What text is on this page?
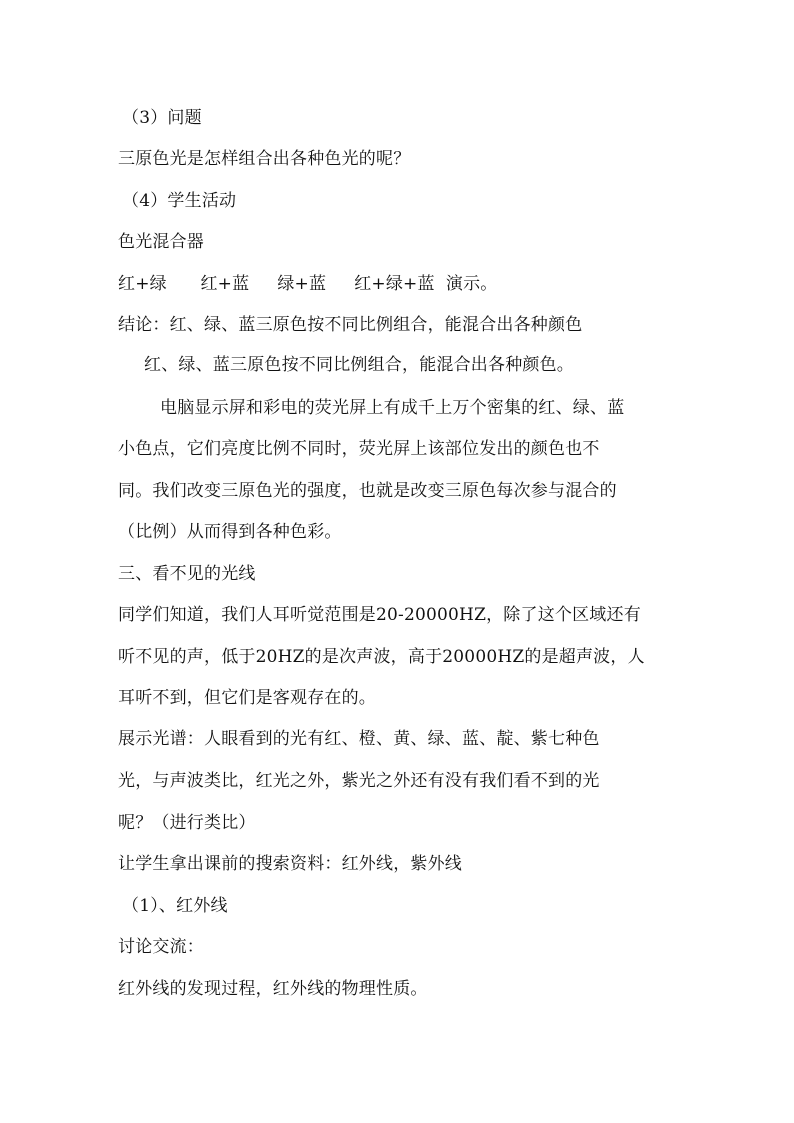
（3）问题
三原色光是怎样组合出各种色光的呢？
（4）学生活动
色光混合器
红+绿      红+蓝     绿+蓝     红+绿+蓝  演示。
结论：红、绿、蓝三原色按不同比例组合，能混合出各种颜色
红、绿、蓝三原色按不同比例组合，能混合出各种颜色。
电脑显示屏和彩电的荧光屏上有成千上万个密集的红、绿、蓝
小色点，它们亮度比例不同时，荧光屏上该部位发出的颜色也不
同。我们改变三原色光的强度，也就是改变三原色每次参与混合的
（比例）从而得到各种色彩。
三、看不见的光线
同学们知道，我们人耳听觉范围是20-20000HZ，除了这个区域还有
听不见的声，低于20HZ的是次声波，高于20000HZ的是超声波，人
耳听不到，但它们是客观存在的。
展示光谱：人眼看到的光有红、橙、黄、绿、蓝、靛、紫七种色
光，与声波类比，红光之外，紫光之外还有没有我们看不到的光
呢？（进行类比）
让学生拿出课前的搜索资料：红外线，紫外线
（1）、红外线
讨论交流：
红外线的发现过程，红外线的物理性质。
